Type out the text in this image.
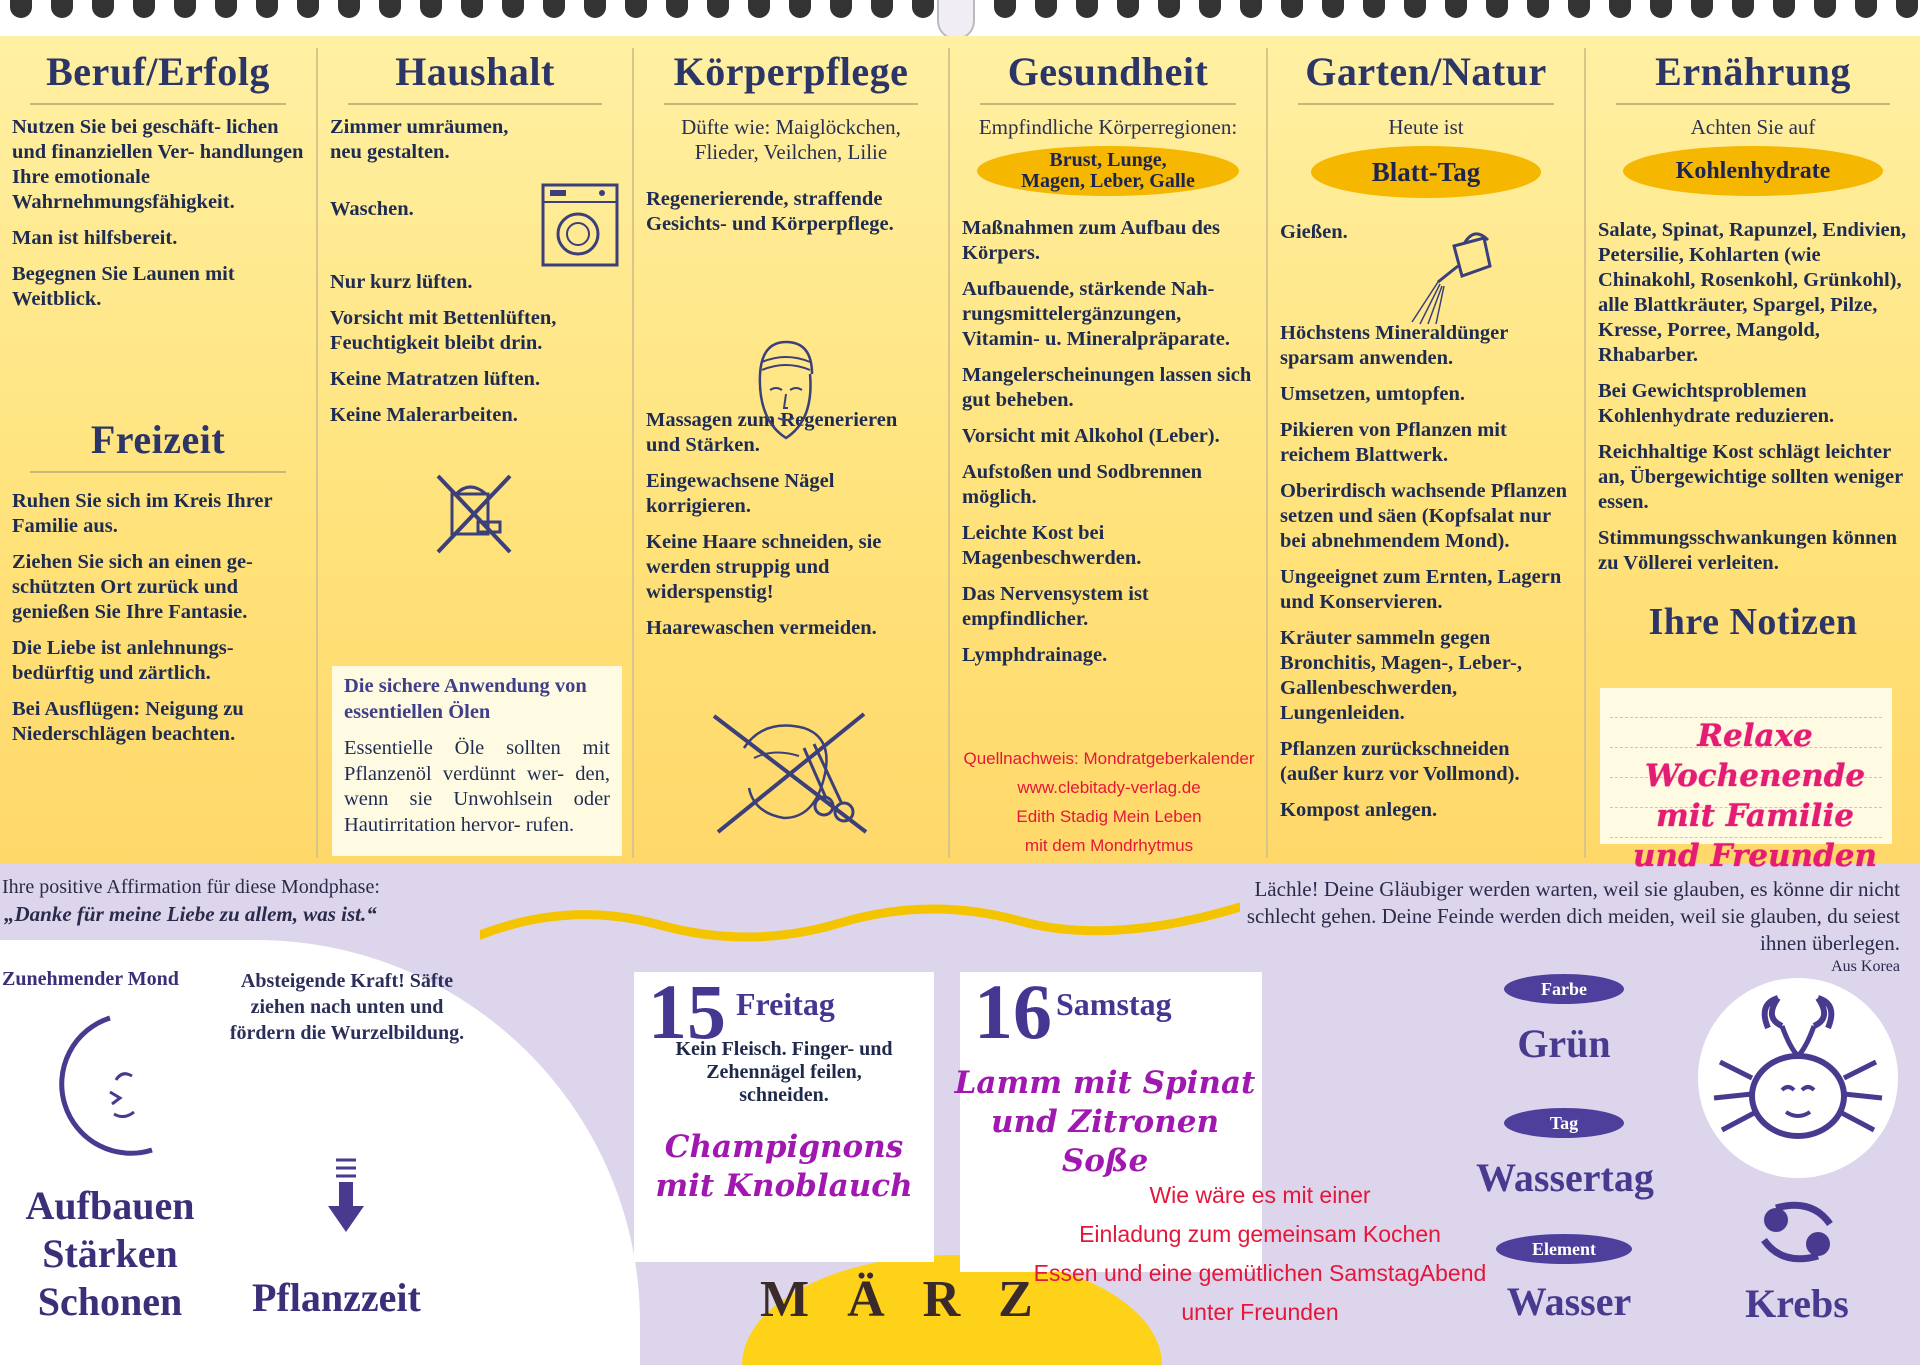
Beruf/Erfolg

Nutzen Sie bei geschäft- lichen und finanziellen Ver- handlungen Ihre emotionale Wahrnehmungsfähigkeit.

Man ist hilfsbereit.

Begegnen Sie Launen mit Weitblick.

Freizeit

Ruhen Sie sich im Kreis Ihrer Familie aus.

Ziehen Sie sich an einen ge- schützten Ort zurück und genießen Sie Ihre Fantasie.

Die Liebe ist anlehnungs- bedürftig und zärtlich.

Bei Ausflügen: Neigung zu Niederschlägen beachten.

Haushalt

Zimmer umräumen, neu gestalten.

Waschen.

Nur kurz lüften.

Vorsicht mit Bettenlüften, Feuchtigkeit bleibt drin.

Keine Matratzen lüften.

Keine Malerarbeiten.

Die sichere Anwendung von essentiellen Ölen

Essentielle Öle sollten mit Pflanzenöl verdünnt wer- den, wenn sie Unwohlsein oder Hautirritation hervor- rufen.

Körperpflege
Düfte wie: Maiglöckchen, Flieder, Veilchen, Lilie

Regenerierende, straffende Gesichts- und Körperpflege.

Massagen zum Regenerieren und Stärken.

Eingewachsene Nägel korrigieren.

Keine Haare schneiden, sie werden struppig und widerspenstig!

Haarewaschen vermeiden.

Gesundheit
Empfindliche Körperregionen:
Brust, Lunge, Magen, Leber, Galle

Maßnahmen zum Aufbau des Körpers.

Aufbauende, stärkende Nah- rungsmittelergänzungen, Vitamin- u. Mineralpräparate.

Mangelerscheinungen lassen sich gut beheben.

Vorsicht mit Alkohol (Leber).

Aufstoßen und Sodbrennen möglich.

Leichte Kost bei Magenbeschwerden.

Das Nervensystem ist empfindlicher.

Lymphdrainage.

Quellnachweis: Mondratgeberkalender
www.clebitady-verlag.de
Edith Stadig Mein Leben
mit dem Mondrhytmus
Garten/Natur
Heute ist
Blatt-Tag

Gießen.

Höchstens Mineraldünger sparsam anwenden.

Umsetzen, umtopfen.

Pikieren von Pflanzen mit reichem Blattwerk.

Oberirdisch wachsende Pflanzen setzen und säen (Kopfsalat nur bei abnehmendem Mond).

Ungeeignet zum Ernten, Lagern und Konservieren.

Kräuter sammeln gegen Bronchitis, Magen-, Leber-, Gallenbeschwerden, Lungenleiden.

Pflanzen zurückschneiden (außer kurz vor Vollmond).

Kompost anlegen.

Ernährung
Achten Sie auf
Kohlenhydrate

Salate, Spinat, Rapunzel, Endivien, Petersilie, Kohlarten (wie Chinakohl, Rosenkohl, Grünkohl), alle Blattkräuter, Spargel, Pilze, Kresse, Porree, Mangold, Rhabarber.

Bei Gewichtsproblemen Kohlenhydrate reduzieren.

Reichhaltige Kost schlägt leichter an, Übergewichtige sollten weniger essen.

Stimmungsschwankungen können zu Völlerei verleiten.

Ihre Notizen
Relaxe Wochenende
mit Familie
und Freunden
Ihre positive Affirmation für diese Mondphase:
„Danke für meine Liebe zu allem, was ist.“
Lächle! Deine Gläubiger werden warten, weil sie glauben, es könne dir nicht schlecht gehen. Deine Feinde werden dich meiden, weil sie glauben, du seiest ihnen überlegen.
Aus Korea
Zunehmender Mond	Absteigende Kraft! Säfte ziehen nach unten und fördern die Wurzelbildung.
Aufbauen
Stärken
Schonen	Pflanzzeit
15 Freitag
Kein Fleisch. Finger- und Zehennägel feilen, schneiden.
Champignons
mit Knoblauch
16 Samstag
Lamm mit Spinat
und Zitronen
Soße
Wie wäre es mit einer
Einladung zum gemeinsam Kochen
Essen und eine gemütlichen SamstagAbend
unter Freunden
MÄRZ
Farbe
Grün
Tag
Wassertag
Element
Wasser	Krebs
